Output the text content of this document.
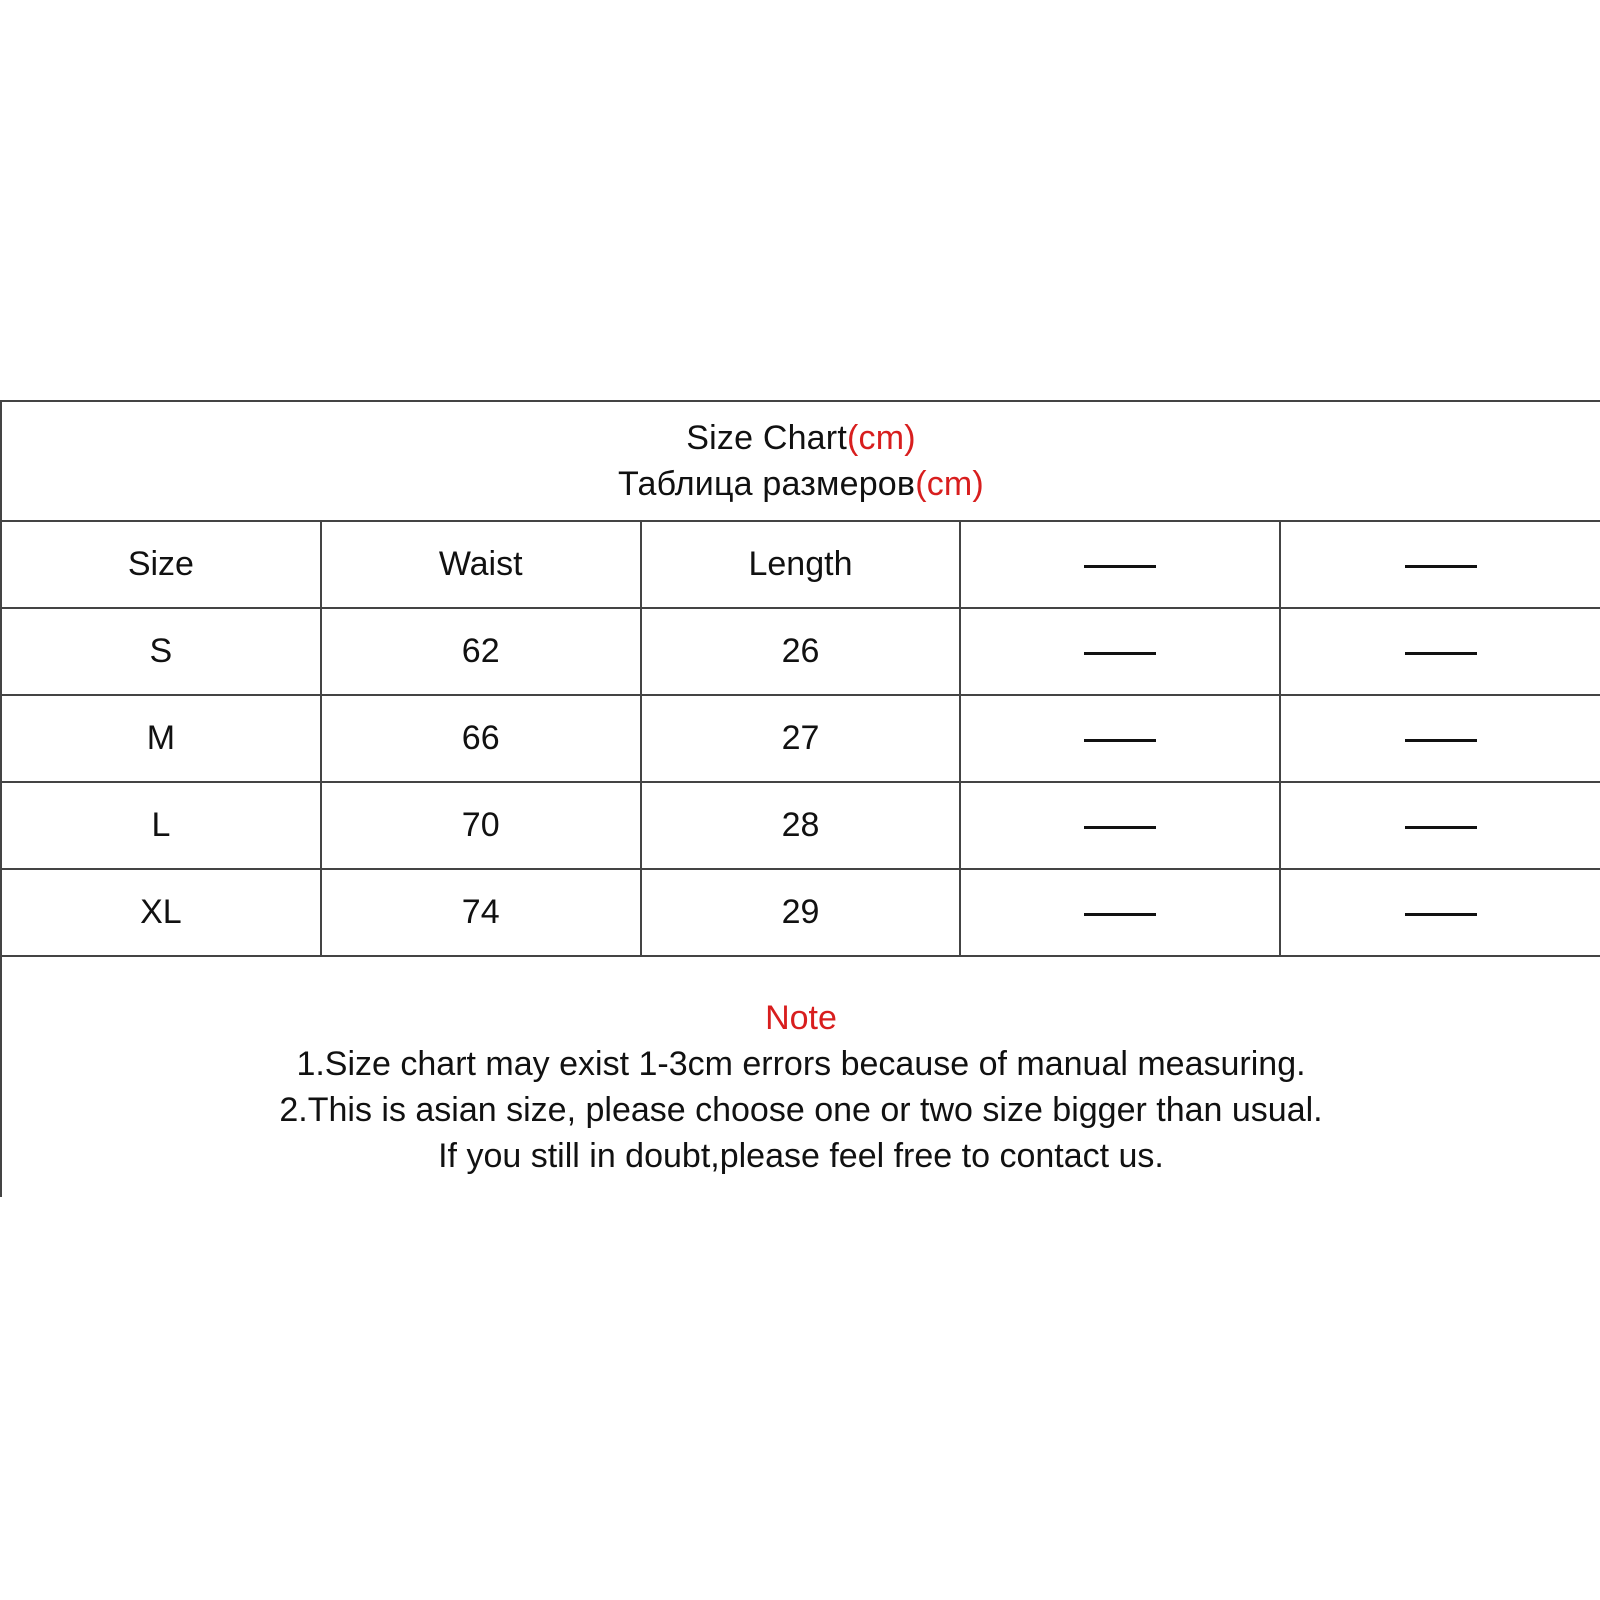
Size Chart(cm)
Таблица размеров(cm)
Size	Waist	Length		
S	62	26		
M	66	27		
L	70	28		
XL	74	29		
Note
1.Size chart may exist 1-3cm errors because of manual measuring.
2.This is asian size, please choose one or two size bigger than usual.
If you still in doubt,please feel free to contact us.
